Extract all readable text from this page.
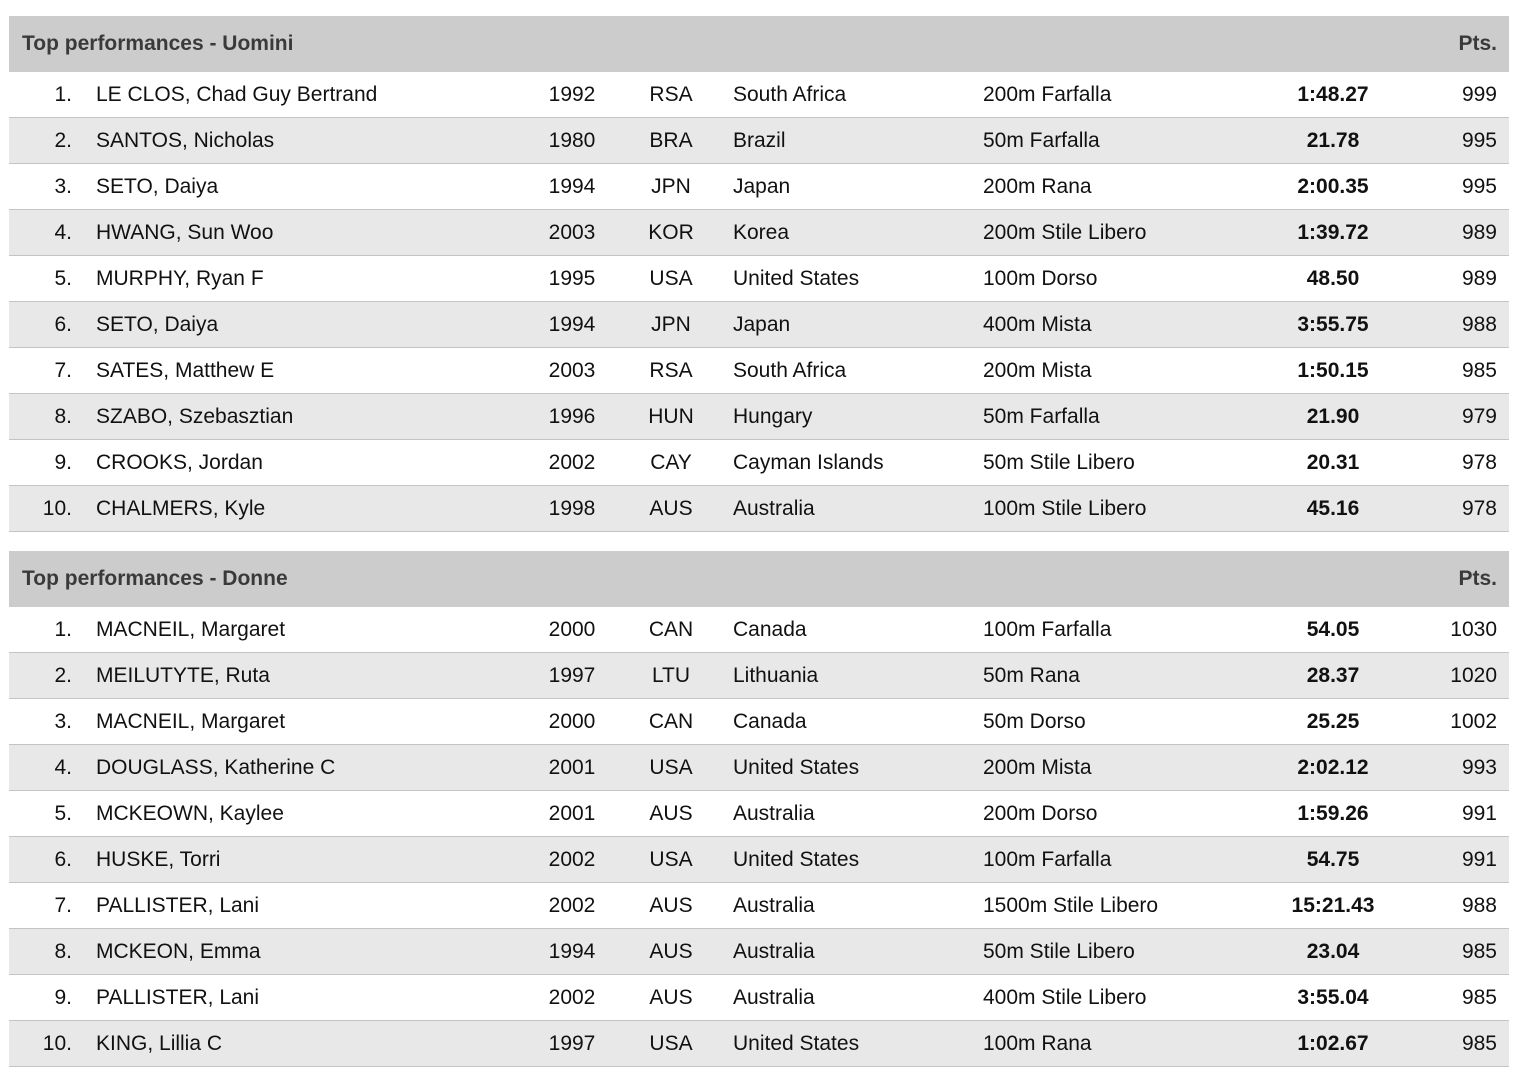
Top performances - Uomini	Pts.
1. LE CLOS, Chad Guy Bertrand	1992	RSA	South Africa	200m Farfalla	1:48.27	999
2. SANTOS, Nicholas	1980	BRA	Brazil	50m Farfalla	21.78	995
3. SETO, Daiya	1994	JPN	Japan	200m Rana	2:00.35	995
4. HWANG, Sun Woo	2003	KOR	Korea	200m Stile Libero	1:39.72	989
5. MURPHY, Ryan F	1995	USA	United States	100m Dorso	48.50	989
6. SETO, Daiya	1994	JPN	Japan	400m Mista	3:55.75	988
7. SATES, Matthew E	2003	RSA	South Africa	200m Mista	1:50.15	985
8. SZABO, Szebasztian	1996	HUN	Hungary	50m Farfalla	21.90	979
9. CROOKS, Jordan	2002	CAY	Cayman Islands	50m Stile Libero	20.31	978
10. CHALMERS, Kyle	1998	AUS	Australia	100m Stile Libero	45.16	978
Top performances - Donne	Pts.
1. MACNEIL, Margaret	2000	CAN	Canada	100m Farfalla	54.05	1030
2. MEILUTYTE, Ruta	1997	LTU	Lithuania	50m Rana	28.37	1020
3. MACNEIL, Margaret	2000	CAN	Canada	50m Dorso	25.25	1002
4. DOUGLASS, Katherine C	2001	USA	United States	200m Mista	2:02.12	993
5. MCKEOWN, Kaylee	2001	AUS	Australia	200m Dorso	1:59.26	991
6. HUSKE, Torri	2002	USA	United States	100m Farfalla	54.75	991
7. PALLISTER, Lani	2002	AUS	Australia	1500m Stile Libero	15:21.43	988
8. MCKEON, Emma	1994	AUS	Australia	50m Stile Libero	23.04	985
9. PALLISTER, Lani	2002	AUS	Australia	400m Stile Libero	3:55.04	985
10. KING, Lillia C	1997	USA	United States	100m Rana	1:02.67	985
